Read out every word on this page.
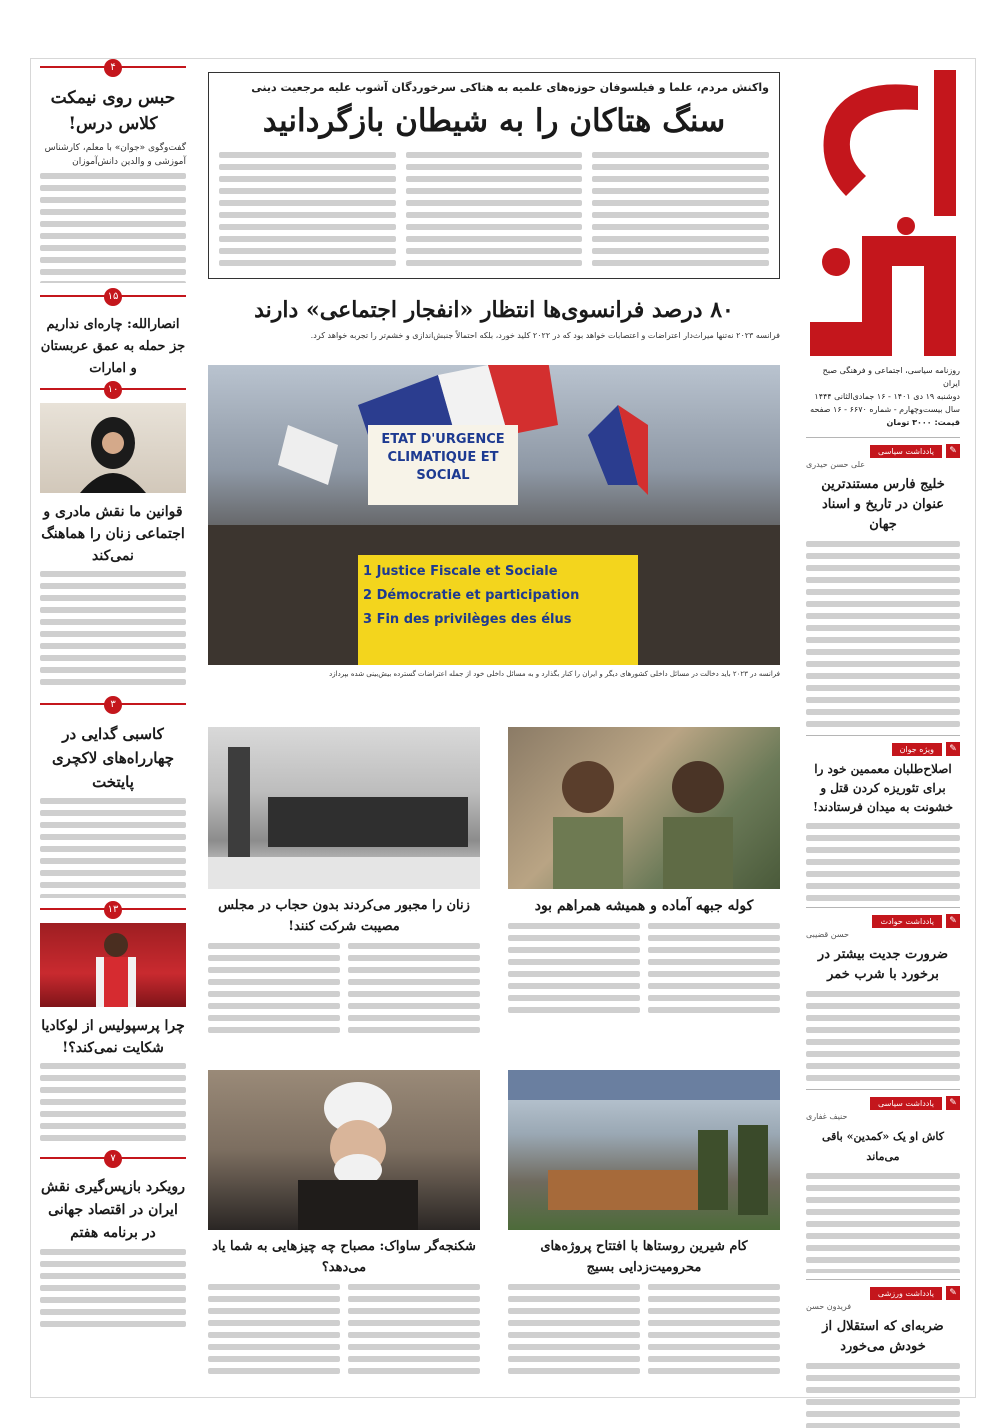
روزنامه سیاسی، اجتماعی و فرهنگی صبح ایران
دوشنبه ۱۹ دی ۱۴۰۱ - ۱۶ جمادی‌الثانی ۱۴۴۴
سال بیست‌وچهارم - شماره ۶۶۷۰ - ۱۶ صفحه
قیمت: ۳۰۰۰ تومان
✎
یادداشت سیاسی
علی حسن حیدری
خلیج فارس مستندترین عنوان در تاریخ و اسناد جهان
✎
ویژه جوان
اصلاح‌طلبان معممین خود را برای تئوریزه کردن قتل و خشونت به میدان فرستادند!
✎
یادداشت حوادث
حسن قضیبی
ضرورت جدیت بیشتر در برخورد با شرب خمر
✎
یادداشت سیاسی
حنیف غفاری
کاش او یک «کمدین» باقی می‌ماند
✎
یادداشت ورزشی
فریدون حسن
ضربه‌ای که استقلال از خودش می‌خورد
واکنش مردم، علما و فیلسوفان حوزه‌های علمیه به هتاکی سرخوردگان آشوب علیه مرجعیت دینی
سنگ هتاکان را به شیطان بازگردانید
۸۰ درصد فرانسوی‌ها انتظار «انفجار اجتماعی» دارند
فرانسه ۲۰۲۳ نه‌تنها میراث‌دار اعتراضات و اعتصابات خواهد بود که در ۲۰۲۲ کلید خورد، بلکه احتمالاً جنبش‌اندازی و خشم‌تر را تجربه خواهد کرد.
ETAT D'URGENCE CLIMATIQUE ET SOCIAL
1 Justice Fiscale et Sociale
2 Démocratie et participation
3 Fin des privilèges des élus
فرانسه در ۲۰۲۳ باید دخالت در مسائل داخلی کشورهای دیگر و ایران را کنار بگذارد و به مسائل داخلی خود از جمله اعتراضات گسترده بیش‌بینی شده بپردازد
کوله جبهه آماده و همیشه همراهم بود
زنان را مجبور می‌کردند بدون حجاب در مجلس مصیبت شرکت کنند!
کام شیرین روستاها با افتتاح پروژه‌های محرومیت‌زدایی بسیج
شکنجه‌گر ساواک: مصباح چه چیزهایی به شما یاد می‌دهد؟
۴
حبس روی نیمکت کلاس درس!
گفت‌وگوی «جوان» با معلم، کارشناس آموزشی و والدین دانش‌آموزان
۱۵
انصارالله: چاره‌ای نداریم جز حمله به عمق عربستان و امارات
۱۰
قوانین ما نقش مادری و اجتماعی زنان را هماهنگ نمی‌کند
۳
کاسبی گدایی در چهارراه‌های لاکچری پایتخت
۱۳
چرا پرسپولیس از لوکادیا شکایت نمی‌کند؟!
۷
رویکرد بازپس‌گیری نقش ایران در اقتصاد جهانی در برنامه هفتم
